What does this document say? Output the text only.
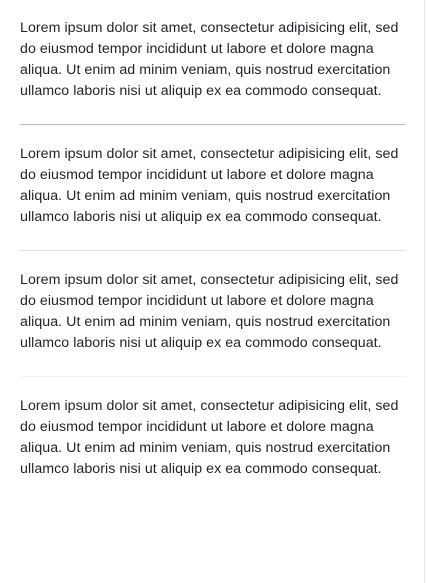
Lorem ipsum dolor sit amet, consectetur adipisicing elit, sed do eiusmod tempor incididunt ut labore et dolore magna aliqua. Ut enim ad minim veniam, quis nostrud exercitation ullamco laboris nisi ut aliquip ex ea commodo consequat.

Lorem ipsum dolor sit amet, consectetur adipisicing elit, sed do eiusmod tempor incididunt ut labore et dolore magna aliqua. Ut enim ad minim veniam, quis nostrud exercitation ullamco laboris nisi ut aliquip ex ea commodo consequat.

Lorem ipsum dolor sit amet, consectetur adipisicing elit, sed do eiusmod tempor incididunt ut labore et dolore magna aliqua. Ut enim ad minim veniam, quis nostrud exercitation ullamco laboris nisi ut aliquip ex ea commodo consequat.

Lorem ipsum dolor sit amet, consectetur adipisicing elit, sed do eiusmod tempor incididunt ut labore et dolore magna aliqua. Ut enim ad minim veniam, quis nostrud exercitation ullamco laboris nisi ut aliquip ex ea commodo consequat.
